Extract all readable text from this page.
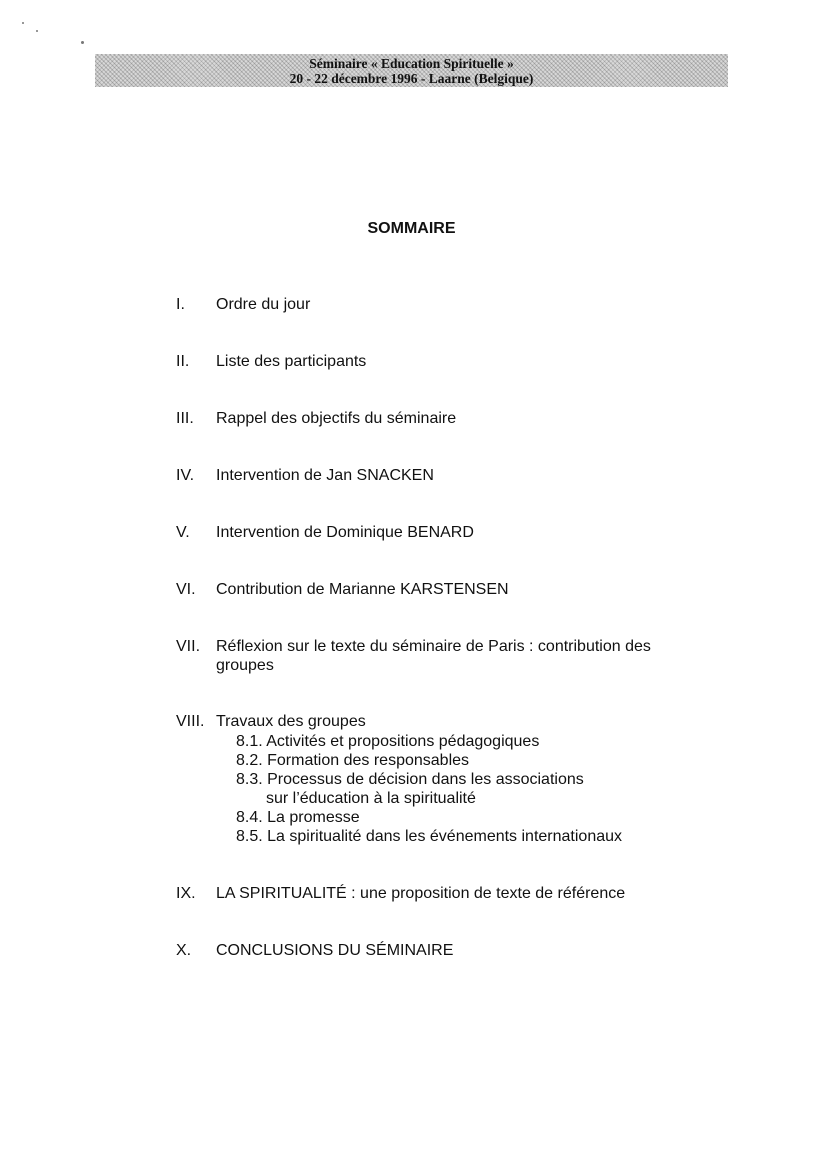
Séminaire « Education Spirituelle »
20 - 22 décembre 1996 - Laarne (Belgique)
SOMMAIRE
I. Ordre du jour
II. Liste des participants
III. Rappel des objectifs du séminaire
IV. Intervention de Jan SNACKEN
V. Intervention de Dominique BENARD
VI. Contribution de Marianne KARSTENSEN
VII. Réflexion sur le texte du séminaire de Paris : contribution des
groupes
VIII. Travaux des groupes
8.1. Activités et propositions pédagogiques
8.2. Formation des responsables
8.3. Processus de décision dans les associations
sur l’éducation à la spiritualité
8.4. La promesse
8.5. La spiritualité dans les événements internationaux
IX. LA SPIRITUALITÉ : une proposition de texte de référence
X. CONCLUSIONS DU SÉMINAIRE
